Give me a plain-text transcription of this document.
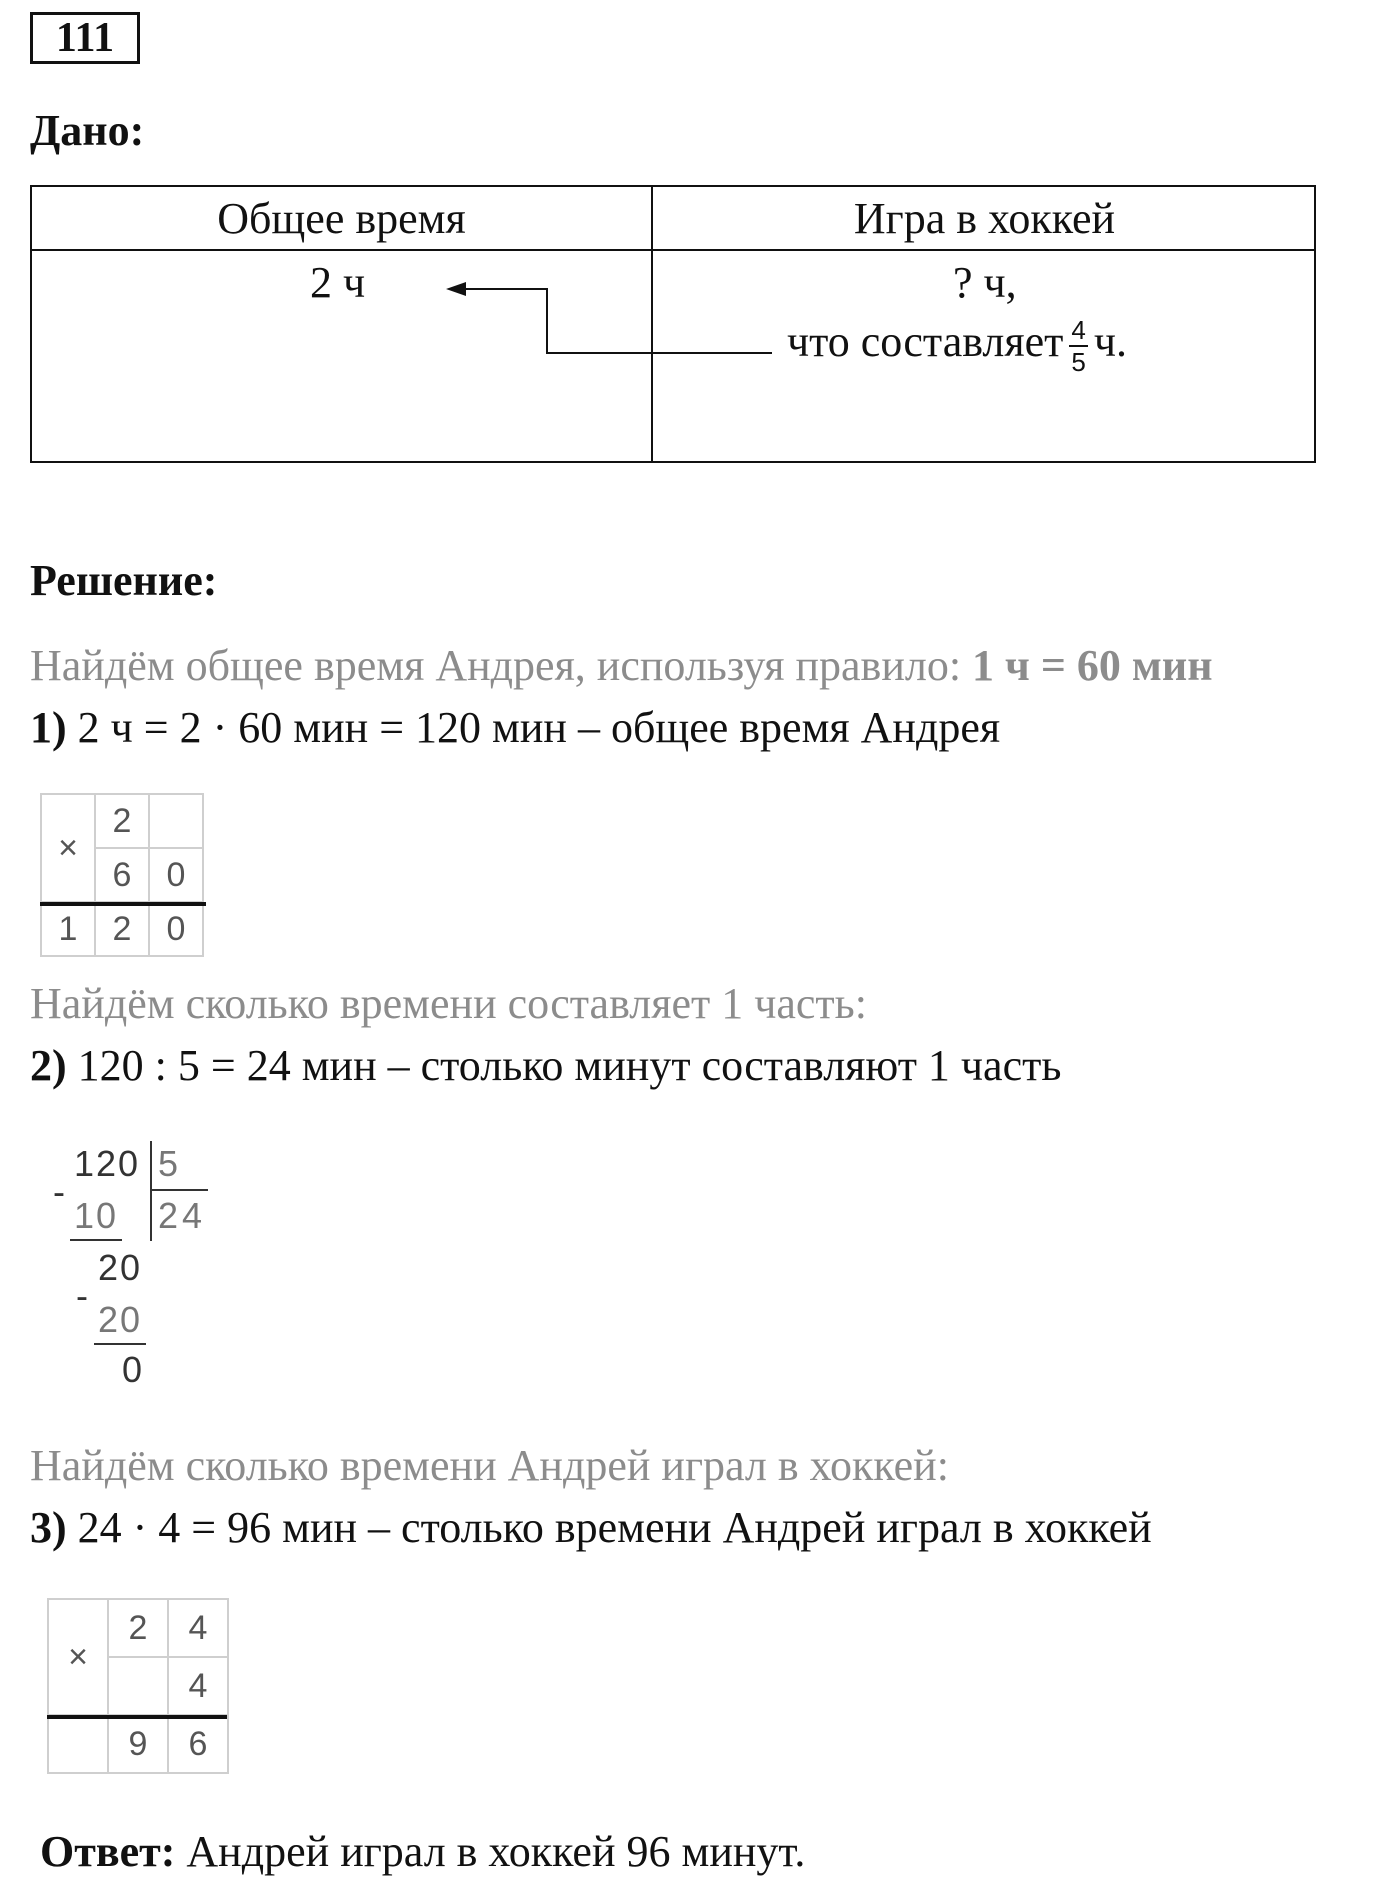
111
Дано:
Общее время	Игра в хоккей
2 ч	? ч,
что составляет $\frac{4}{5} ч$.
Решение:
Найдём общее время Андрея, используя правило: 1 ч = 60 мин
1) 2 ч = 2 · 60 мин = 120 мин – общее время Андрея
×	2	
	6	0
1	2	0
Найдём сколько времени составляет 1 часть:
2) 120 : 5 = 24 мин – столько минут составляют 1 часть
120 5
24
-
10
20
-
20
0
Найдём сколько времени Андрей играл в хоккей:
3) 24 · 4 = 96 мин – столько времени Андрей играл в хоккей
×	2	4
		4
	9	6
Ответ: Андрей играл в хоккей 96 минут.
